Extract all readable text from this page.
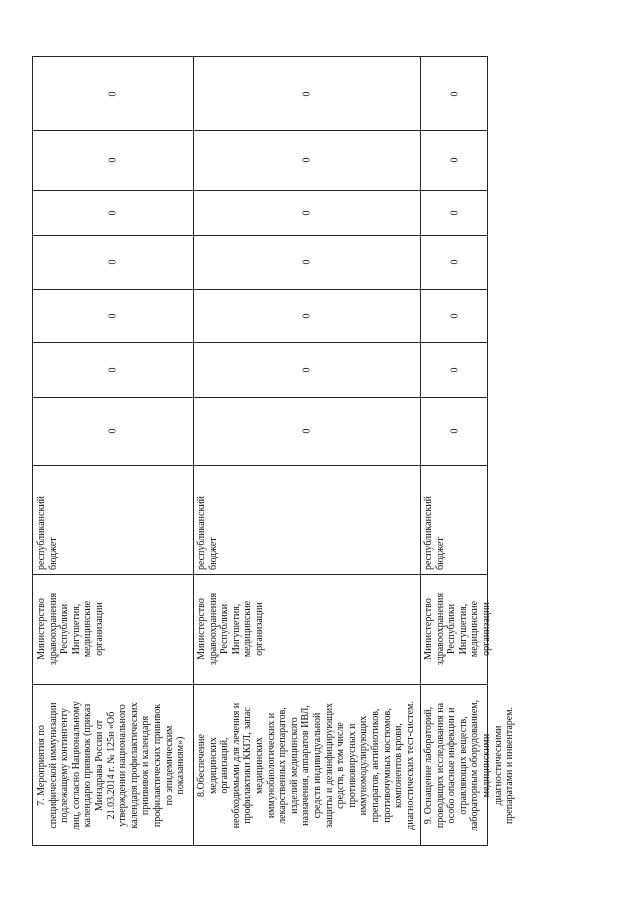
0
0
0
0
0
0
0
республиканский
бюджет
Министерство
здравоохранения
Республики
Ингушетия,
медицинские
организации
7. Мероприятия по
специфической иммунизации
подлежащему контингенту
лиц, согласно Национальному
календарю прививок (приказ
Минздрава России от
21.03.2014 г. № 125н «Об
утверждении национального
календаря профилактических
приививок и календаря
профилактических прививок
по эпидемическим
показаниям»)
0
0
0
0
0
0
0
республиканский
бюджет
Министерство
здравоохранения
Республики
Ингушетия,
медицинские
организации
8.Обеспечение
медицинских
организаций,
необходимыми для лечения и
профилактики ККГЛ, запас
медицинских
иммунобиологических и
лекарственных препаратов,
изделий медицинского
назначения, аппаратов ИВЛ,
средств индивидуальной
защиты и дезинфицирующих
средств, в том числе
противовирусных и
иммуномодулирующих
препаратов, антибиотиков,
противочумных костюмов,
компонентов крови,
диагностических тест-систем.
0
0
0
0
0
0
0
республиканский
бюджет
Министерство
здравоохранения
Республики
Ингушетия,
медицинские
организации
9. Оснащение лабораторий,
проводящих исследования на
особо опасные инфекции и
отравляющих веществ,
лабораторным оборудованием,
медицинскими
диагностическими
препаратами и инвентарем.
